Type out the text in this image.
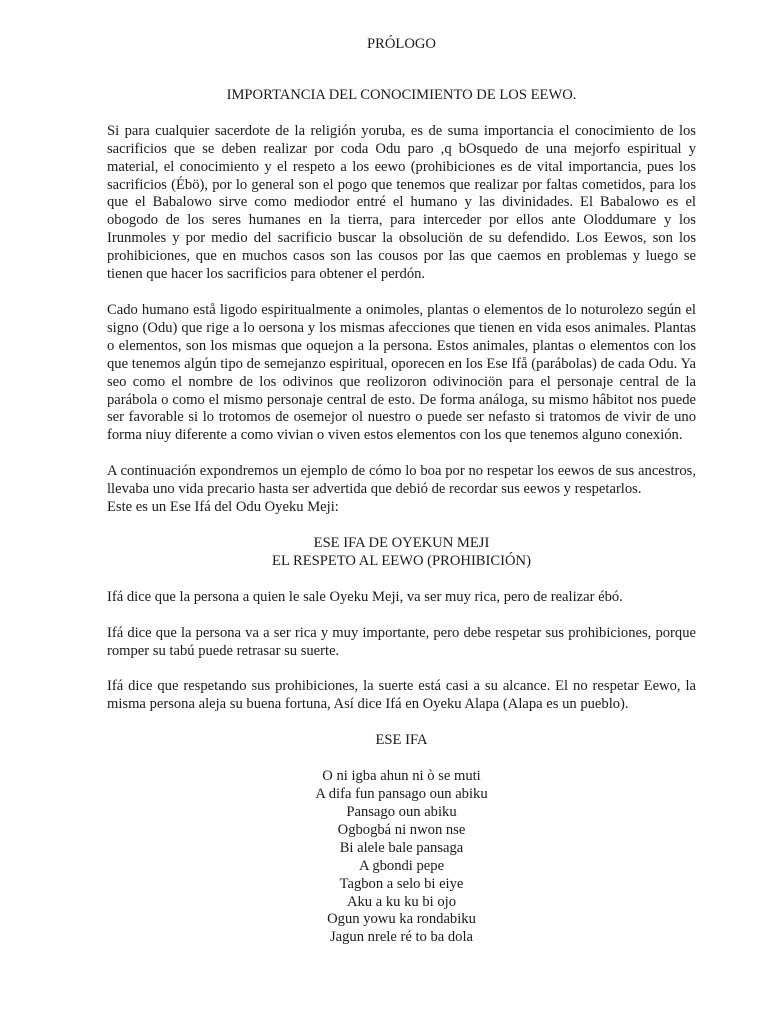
PRÓLOGO
IMPORTANCIA DEL CONOCIMIENTO DE LOS EEWO.

Si para cualquier sacerdote de la religión yoruba, es de suma importancia el conocimiento de los sacrificios que se deben realizar por coda Odu paro ,q bOsquedo de una mejorfo espiritual y material, el conocimiento y el respeto a los eewo (prohibiciones es de vital importancia, pues los sacrificios (Ébö), por lo general son el pogo que tenemos que realizar por faltas cometidos, para los que el Babalowo sirve como mediodor entré el humano y las divinidades. El Babalowo es el obogodo de los seres humanes en la tierra, para interceder por ellos ante Oloddumare y los Irunmoles y por medio del sacrificio buscar la obsoluciön de su defendido. Los Eewos, son los prohibiciones, que en muchos casos son las cousos por las que caemos en problemas y luego se tienen que hacer los sacrificios para obtener el perdón.

Cado humano estå ligodo espiritualmente a onimoles, plantas o elementos de lo noturolezo según el signo (Odu) que rige a lo oersona y los mismas afecciones que tienen en vida esos animales. Plantas o elementos, son los mismas que oquejon a la persona. Estos animales, plantas o elementos con los que tenemos algún tipo de semejanzo espiritual, oporecen en los Ese Ifå (parábolas) de cada Odu. Ya seo como el nombre de los odivinos que reolizoron odivinociön para el personaje central de la parábola o como el mismo personaje central de esto. De forma análoga, su mismo hâbitot nos puede ser favorable si lo trotomos de osemejor ol nuestro o puede ser nefasto si tratomos de vivir de uno forma niuy diferente a como vivian o viven estos elementos con los que tenemos alguno conexión.

A continuación expondremos un ejemplo de cómo lo boa por no respetar los eewos de sus ancestros, llevaba uno vida precario hasta ser advertida que debió de recordar sus eewos y respetarlos.

Este es un Ese Ifá del Odu Oyeku Meji:

ESE IFA DE OYEKUN MEJI
EL RESPETO AL EEWO (PROHIBICIÓN)

Ifá dice que la persona a quien le sale Oyeku Meji, va ser muy rica, pero de realizar ébó.

Ifá dice que la persona va a ser rica y muy importante, pero debe respetar sus prohibiciones, porque romper su tabú puede retrasar su suerte.

Ifá dice que respetando sus prohibiciones, la suerte está casi a su alcance. El no respetar Eewo, la misma persona aleja su buena fortuna, Así dice Ifá en Oyeku Alapa (Alapa es un pueblo).

ESE IFA
O ni igba ahun ni ò se muti
A difa fun pansago oun abiku
Pansago oun abiku
Ogbogbá ni nwon nse
Bi alele bale pansaga
A gbondi pepe
Tagbon a selo bi eiye
Aku a ku ku bi ojo
Ogun yowu ka rondabiku
Jagun nrele ré to ba dola
